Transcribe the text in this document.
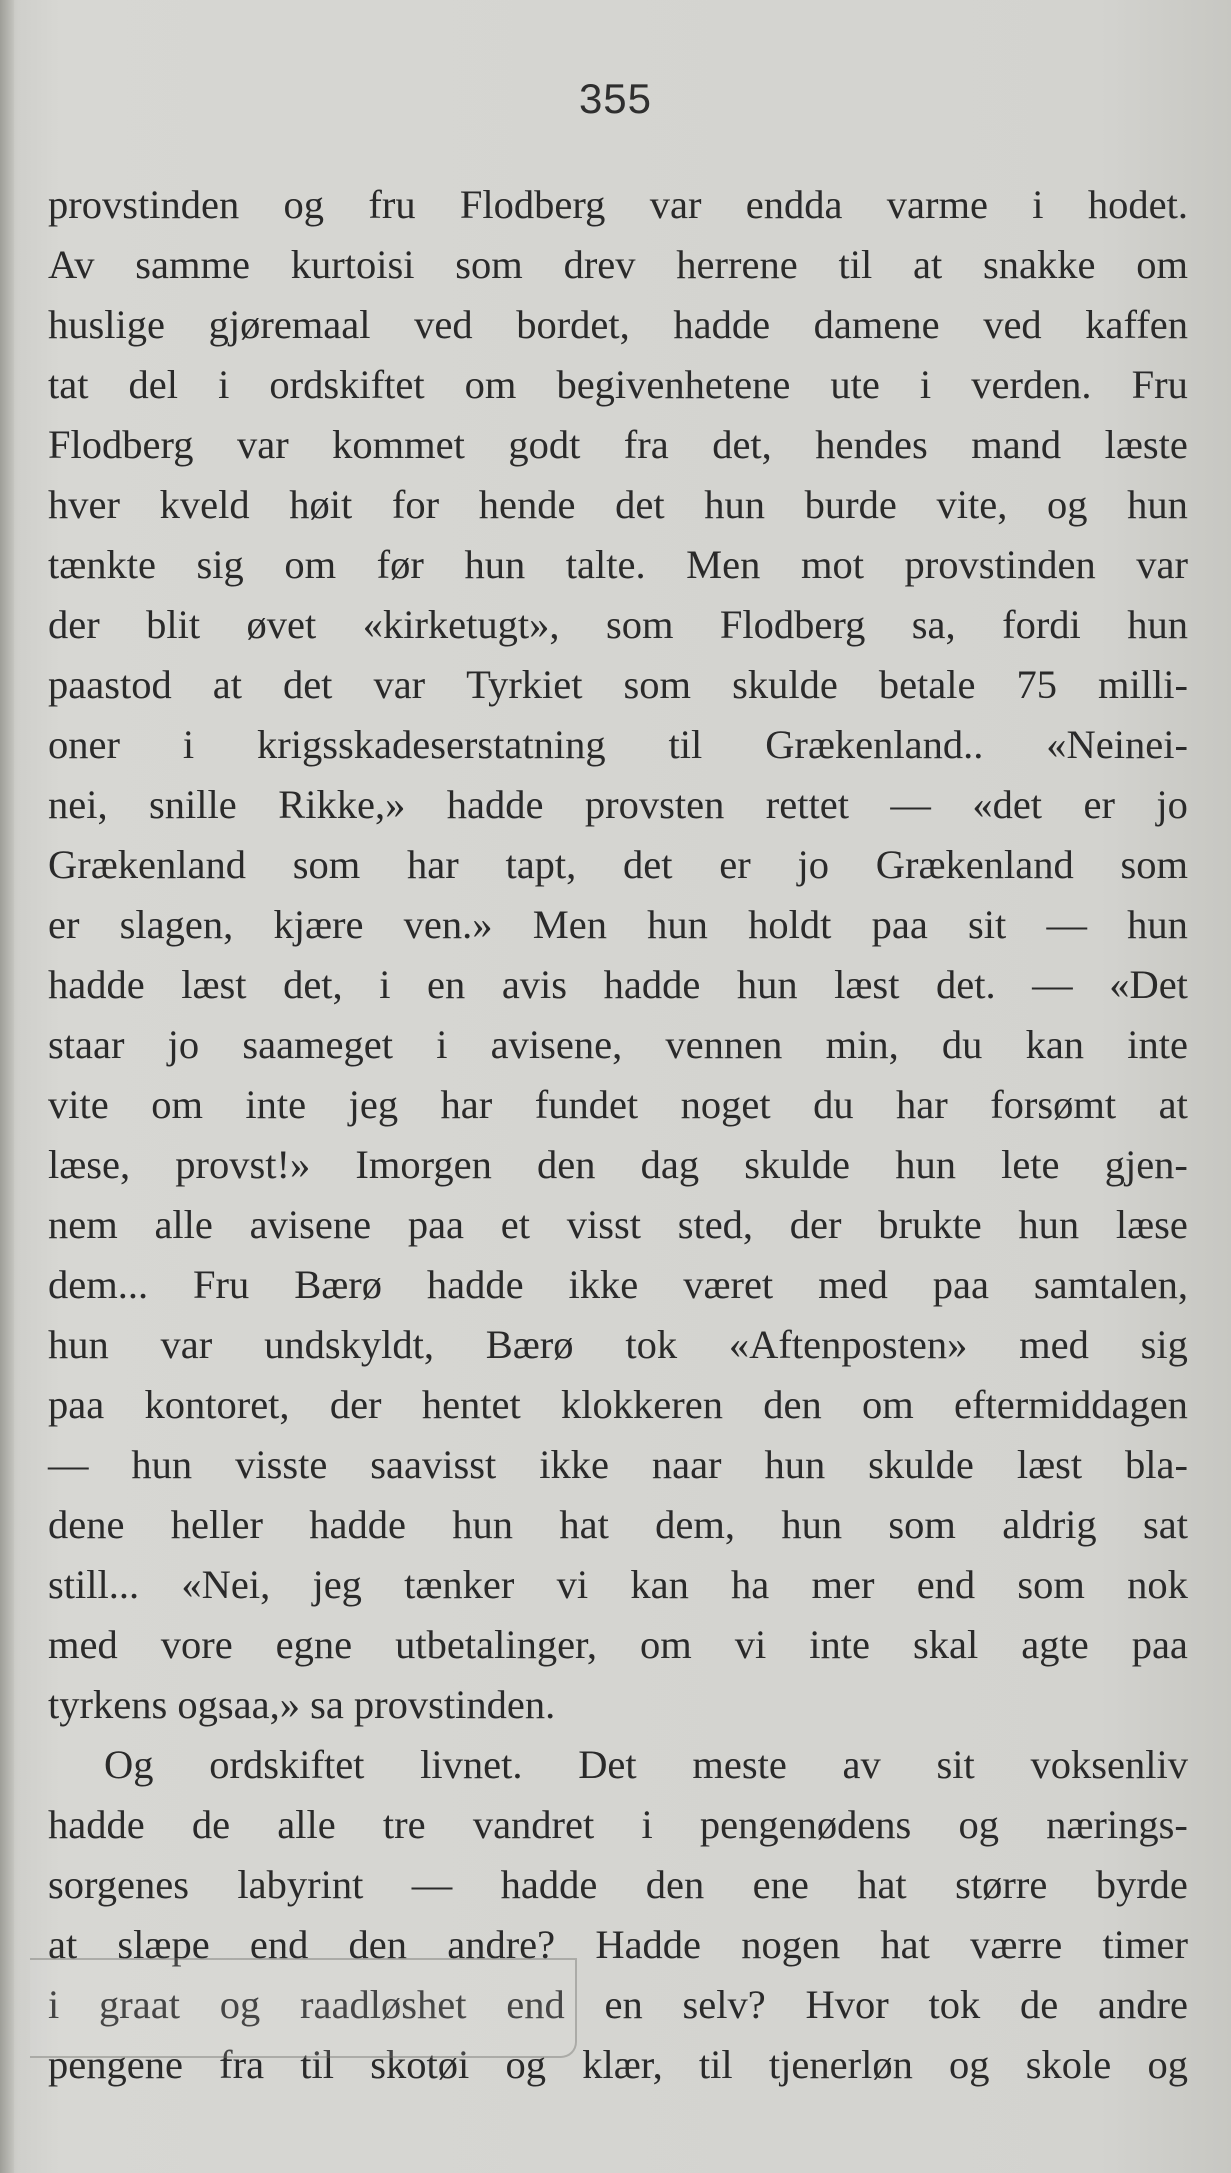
355
provstinden og fru Flodberg var endda varme i hodet.
Av samme kurtoisi som drev herrene til at snakke om
huslige gjøremaal ved bordet, hadde damene ved kaffen
tat del i ordskiftet om begivenhetene ute i verden. Fru
Flodberg var kommet godt fra det, hendes mand læste
hver kveld høit for hende det hun burde vite, og hun
tænkte sig om før hun talte. Men mot provstinden var
der blit øvet «kirketugt», som Flodberg sa, fordi hun
paastod at det var Tyrkiet som skulde betale 75 milli-
oner i krigsskadeserstatning til Grækenland.. «Neinei-
nei, snille Rikke,» hadde provsten rettet — «det er jo
Grækenland som har tapt, det er jo Grækenland som
er slagen, kjære ven.» Men hun holdt paa sit — hun
hadde læst det, i en avis hadde hun læst det. — «Det
staar jo saameget i avisene, vennen min, du kan inte
vite om inte jeg har fundet noget du har forsømt at
læse, provst!» Imorgen den dag skulde hun lete gjen-
nem alle avisene paa et visst sted, der brukte hun læse
dem... Fru Bærø hadde ikke været med paa samtalen,
hun var undskyldt, Bærø tok «Aftenposten» med sig
paa kontoret, der hentet klokkeren den om eftermiddagen
— hun visste saavisst ikke naar hun skulde læst bla-
dene heller hadde hun hat dem, hun som aldrig sat
still... «Nei, jeg tænker vi kan ha mer end som nok
med vore egne utbetalinger, om vi inte skal agte paa
tyrkens ogsaa,» sa provstinden.
Og ordskiftet livnet. Det meste av sit voksenliv
hadde de alle tre vandret i pengenødens og nærings-
sorgenes labyrint — hadde den ene hat større byrde
at slæpe end den andre? Hadde nogen hat værre timer
i graat og raadløshet end en selv? Hvor tok de andre
pengene fra til skotøi og klær, til tjenerløn og skole og
